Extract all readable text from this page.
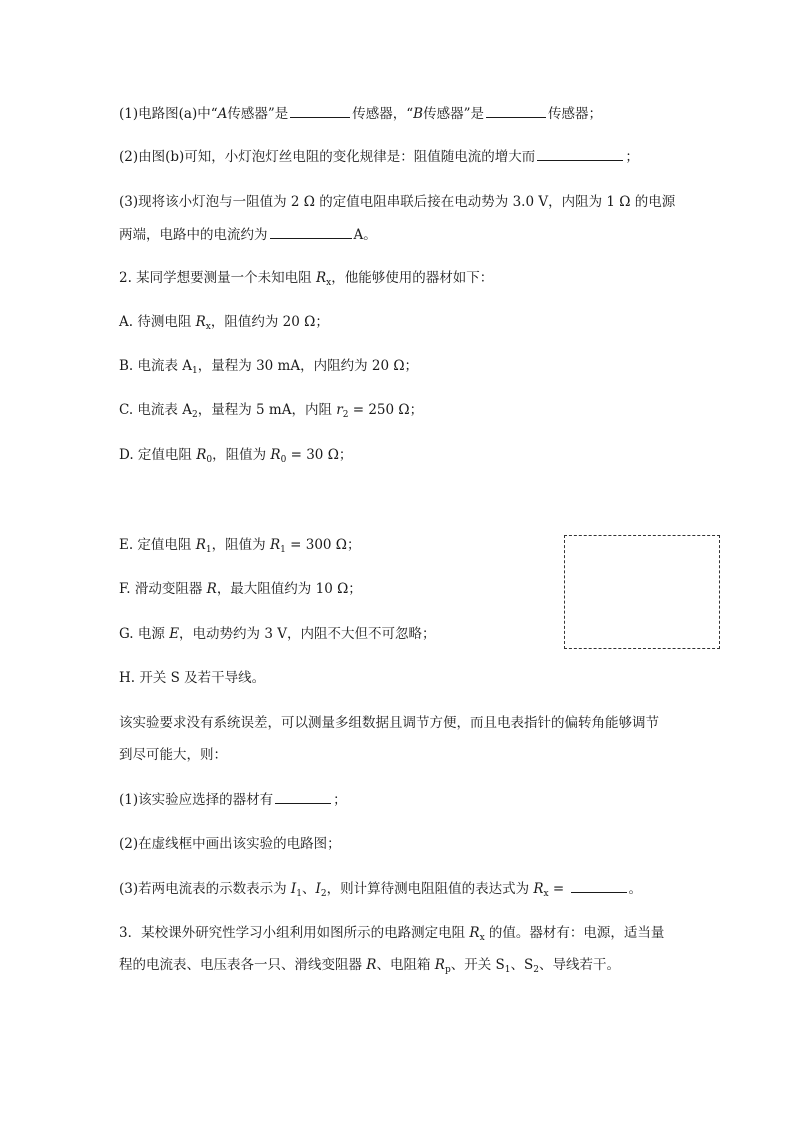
(1)电路图(a)中“A传感器”是	传感器，“B传感器”是	传感器；
(2)由图(b)可知，小灯泡灯丝电阻的变化规律是：阻值随电流的增大而	；
(3)现将该小灯泡与一阻值为 2 Ω 的定值电阻串联后接在电动势为 3.0 V，内阻为 1 Ω 的电源
两端，电路中的电流约为	A。
2. 某同学想要测量一个未知电阻 $R_x$，他能够使用的器材如下：
A. 待测电阻 $R_x$，阻值约为 20 Ω；
B. 电流表 $A_1$，量程为 30 mA，内阻约为 20 Ω；
C. 电流表 $A_2$，量程为 5 mA，内阻 $r_2 = 250$ Ω；
D. 定值电阻 $R_0$，阻值为 $R_0 = 30$ Ω；
E. 定值电阻 $R_1$，阻值为 $R_1 = 300$ Ω；
F. 滑动变阻器 R，最大阻值约为 10 Ω；
G. 电源 E，电动势约为 3 V，内阻不大但不可忽略；
H. 开关 S 及若干导线。
该实验要求没有系统误差，可以测量多组数据且调节方便，而且电表指针的偏转角能够调节
到尽可能大，则：
(1)该实验应选择的器材有	；
(2)在虚线框中画出该实验的电路图；
(3)若两电流表的示数表示为 $I_1$、$I_2$，则计算待测电阻阻值的表达式为 $R_x$ =	。
3．某校课外研究性学习小组利用如图所示的电路测定电阻 $R_x$ 的值。器材有：电源，适当量
程的电流表、电压表各一只、滑线变阻器 R、电阻箱 $R_p$、开关 $S_1$、$S_2$、导线若干。
